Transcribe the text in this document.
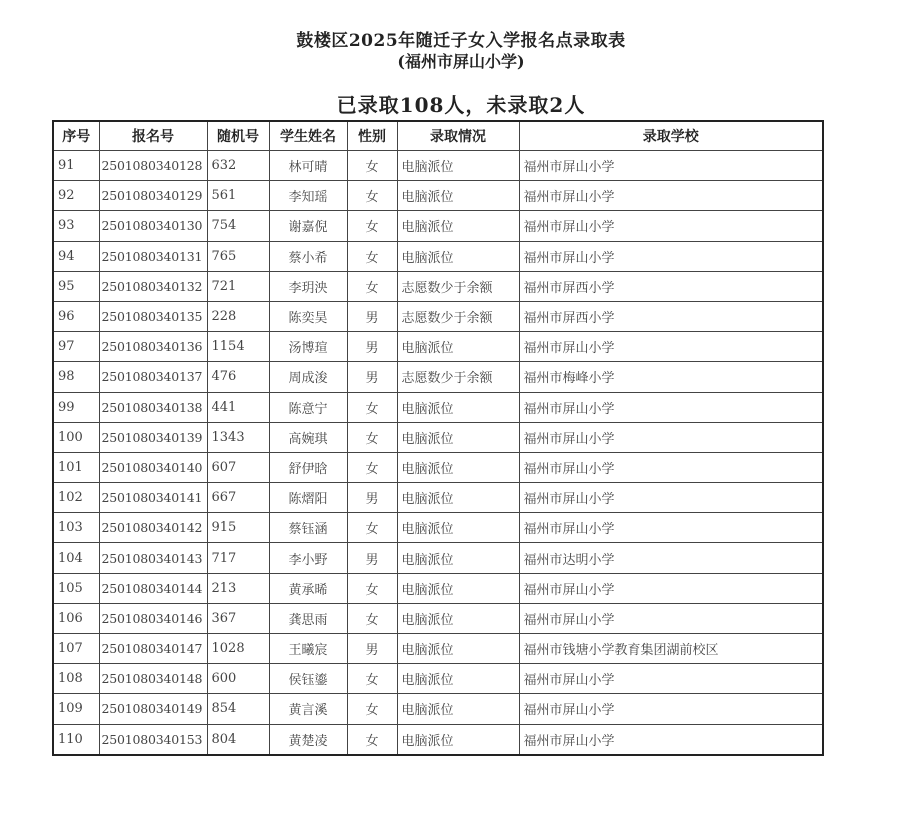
鼓楼区2025年随迁子女入学报名点录取表
(福州市屏山小学)
已录取108人，未录取2人
序号	报名号	随机号	学生姓名	性别	录取情况	录取学校
91	2501080340128	632	林可晴	女	电脑派位	福州市屏山小学
92	2501080340129	561	李知瑶	女	电脑派位	福州市屏山小学
93	2501080340130	754	谢嘉倪	女	电脑派位	福州市屏山小学
94	2501080340131	765	蔡小希	女	电脑派位	福州市屏山小学
95	2501080340132	721	李玥泱	女	志愿数少于余额	福州市屏西小学
96	2501080340135	228	陈奕昊	男	志愿数少于余额	福州市屏西小学
97	2501080340136	1154	汤博瑄	男	电脑派位	福州市屏山小学
98	2501080340137	476	周成浚	男	志愿数少于余额	福州市梅峰小学
99	2501080340138	441	陈意宁	女	电脑派位	福州市屏山小学
100	2501080340139	1343	高婉琪	女	电脑派位	福州市屏山小学
101	2501080340140	607	舒伊晗	女	电脑派位	福州市屏山小学
102	2501080340141	667	陈熠阳	男	电脑派位	福州市屏山小学
103	2501080340142	915	蔡钰涵	女	电脑派位	福州市屏山小学
104	2501080340143	717	李小野	男	电脑派位	福州市达明小学
105	2501080340144	213	黄承晞	女	电脑派位	福州市屏山小学
106	2501080340146	367	龚思雨	女	电脑派位	福州市屏山小学
107	2501080340147	1028	王曦宸	男	电脑派位	福州市钱塘小学教育集团湖前校区
108	2501080340148	600	侯钰鎏	女	电脑派位	福州市屏山小学
109	2501080340149	854	黄言溪	女	电脑派位	福州市屏山小学
110	2501080340153	804	黄楚凌	女	电脑派位	福州市屏山小学
